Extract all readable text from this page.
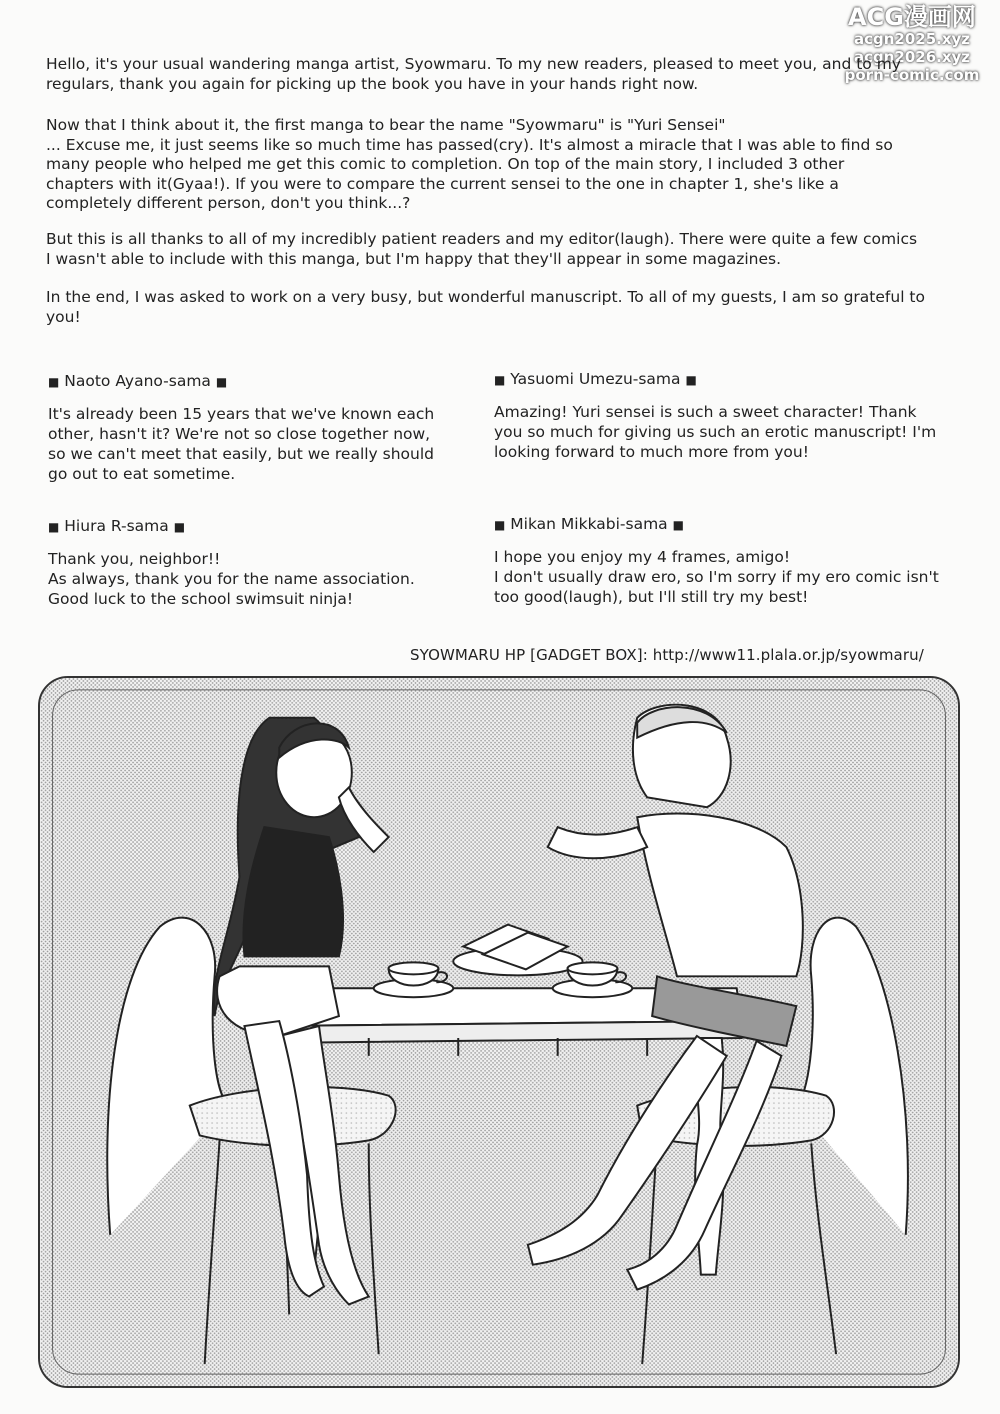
ACG漫画网
acgn2025.xyz
acgn2026.xyz
porn-comic.com

Hello, it's your usual wandering manga artist, Syowmaru. To my new readers, pleased to meet you, and to my
regulars, thank you again for picking up the book you have in your hands right now.

Now that I think about it, the first manga to bear the name "Syowmaru" is "Yuri Sensei"
... Excuse me, it just seems like so much time has passed(cry). It's almost a miracle that I was able to find so
many people who helped me get this comic to completion. On top of the main story, I included 3 other
chapters with it(Gyaa!). If you were to compare the current sensei to the one in chapter 1, she's like a
completely different person, don't you think...?

But this is all thanks to all of my incredibly patient readers and my editor(laugh). There were quite a few comics
I wasn't able to include with this manga, but I'm happy that they'll appear in some magazines.

In the end, I was asked to work on a very busy, but wonderful manuscript. To all of my guests, I am so grateful to
you!

■ Naoto Ayano-sama ■

It's already been 15 years that we've known each
other, hasn't it? We're not so close together now,
so we can't meet that easily, but we really should
go out to eat sometime.

■ Yasuomi Umezu-sama ■

Amazing! Yuri sensei is such a sweet character! Thank
you so much for giving us such an erotic manuscript! I'm
looking forward to much more from you!

■ Hiura R-sama ■

Thank you, neighbor!!
As always, thank you for the name association.
Good luck to the school swimsuit ninja!

■ Mikan Mikkabi-sama ■

I hope you enjoy my 4 frames, amigo!
I don't usually draw ero, so I'm sorry if my ero comic isn't
too good(laugh), but I'll still try my best!

SYOWMARU HP [GADGET BOX]: http://www11.plala.or.jp/syowmaru/
